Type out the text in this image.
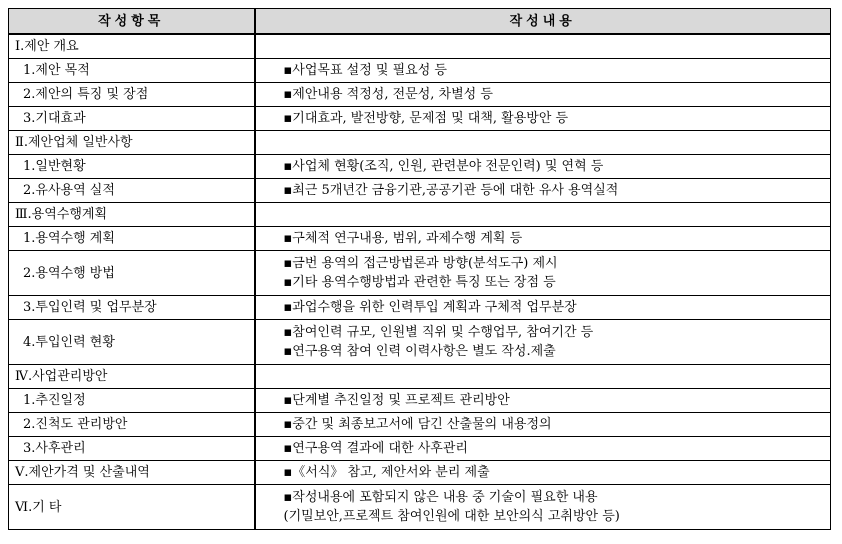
작성항목	작성내용
Ⅰ.제안 개요	
1.제안 목적	▪사업목표 설정 및 필요성 등

2.제안의 특징 및 장점	▪제안내용 적정성, 전문성, 차별성 등

3.기대효과	▪기대효과, 발전방향, 문제점 및 대책, 활용방안 등

Ⅱ.제안업체 일반사항	
1.일반현황	▪사업체 현황(조직, 인원, 관련분야 전문인력) 및 연혁 등

2.유사용역 실적	▪최근 5개년간 금융기관,공공기관 등에 대한 유사 용역실적

Ⅲ.용역수행계획	
1.용역수행 계획	▪구체적 연구내용, 범위, 과제수행 계획 등

2.용역수행 방법	▪금번 용역의 접근방법론과 방향(분석도구) 제시
▪기타 용역수행방법과 관련한 특징 또는 장점 등

3.투입인력 및 업무분장	▪과업수행을 위한 인력투입 계획과 구체적 업무분장

4.투입인력 현황	▪참여인력 규모, 인원별 직위 및 수행업무, 참여기간 등
▪연구용역 참여 인력 이력사항은 별도 작성.제출

Ⅳ.사업관리방안	
1.추진일정	▪단계별 추진일정 및 프로젝트 관리방안

2.진척도 관리방안	▪중간 및 최종보고서에 담긴 산출물의 내용정의

3.사후관리	▪연구용역 결과에 대한 사후관리

Ⅴ.제안가격 및 산출내역	▪《서식》 참고, 제안서와 분리 제출

Ⅵ.기 타	▪작성내용에 포함되지 않은 내용 중 기술이 필요한 내용
(기밀보안,프로젝트 참여인원에 대한 보안의식 고취방안 등)
